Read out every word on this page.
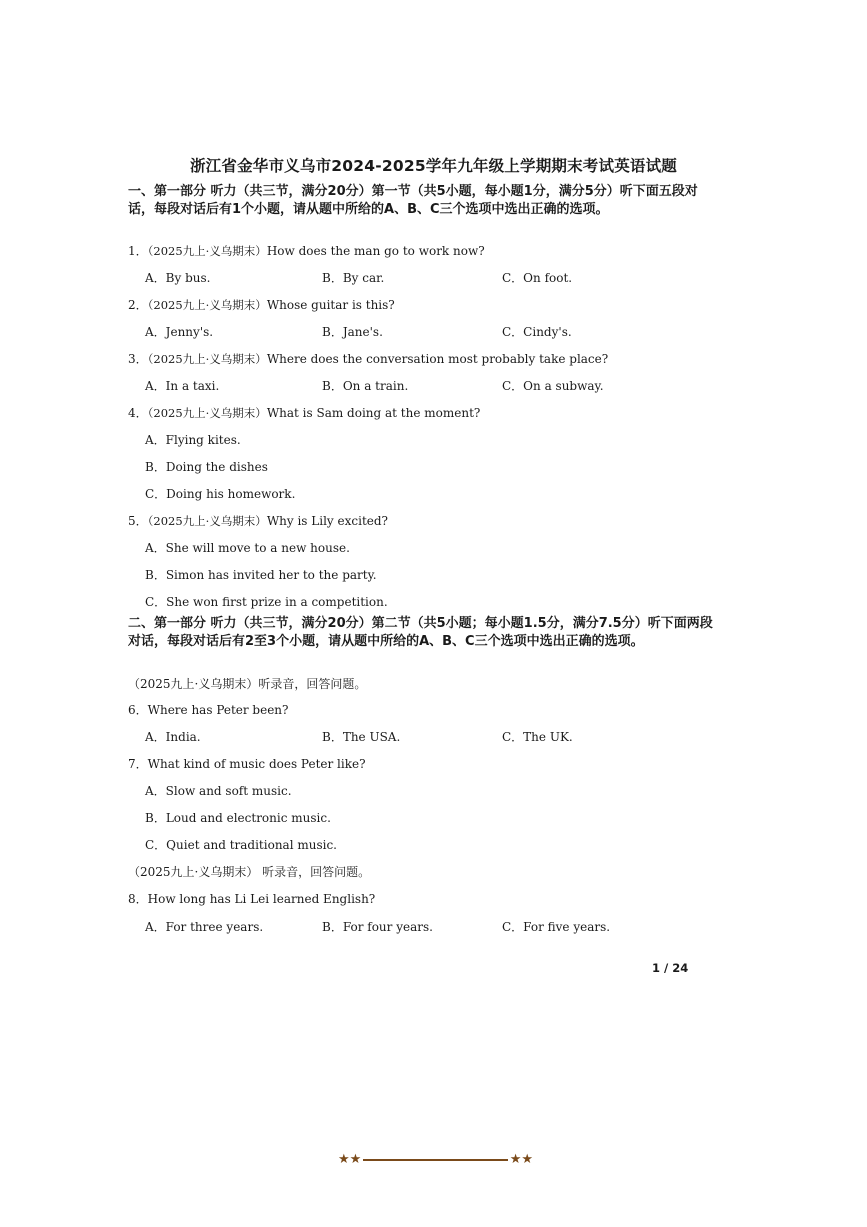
浙江省金华市义乌市2024-2025学年九年级上学期期末考试英语试题
一、第一部分 听力（共三节，满分20分）第一节（共5小题，每小题1分，满分5分）听下面五段对话，每段对话后有1个小题，请从题中所给的A、B、C三个选项中选出正确的选项。
1．（2025九上·义乌期末）How does the man go to work now?
A．By bus.	B．By car.	C．On foot.
2．（2025九上·义乌期末）Whose guitar is this?
A．Jenny's.	B．Jane's.	C．Cindy's.
3．（2025九上·义乌期末）Where does the conversation most probably take place?
A．In a taxi.	B．On a train.	C．On a subway.
4．（2025九上·义乌期末）What is Sam doing at the moment?
A．Flying kites.
B．Doing the dishes
C．Doing his homework.
5．（2025九上·义乌期末）Why is Lily excited?
A．She will move to a new house.
B．Simon has invited her to the party.
C．She won first prize in a competition.
二、第一部分 听力（共三节，满分20分）第二节（共5小题；每小题1.5分，满分7.5分）听下面两段对话，每段对话后有2至3个小题，请从题中所给的A、B、C三个选项中选出正确的选项。
（2025九上·义乌期末）听录音，回答问题。
6．Where has Peter been?
A．India.	B．The USA.	C．The UK.
7．What kind of music does Peter like?
A．Slow and soft music.
B．Loud and electronic music.
C．Quiet and traditional music.
（2025九上·义乌期末） 听录音，回答问题。
8．How long has Li Lei learned English?
A．For three years.	B．For four years.	C．For five years.
1 / 24
★★	★★
